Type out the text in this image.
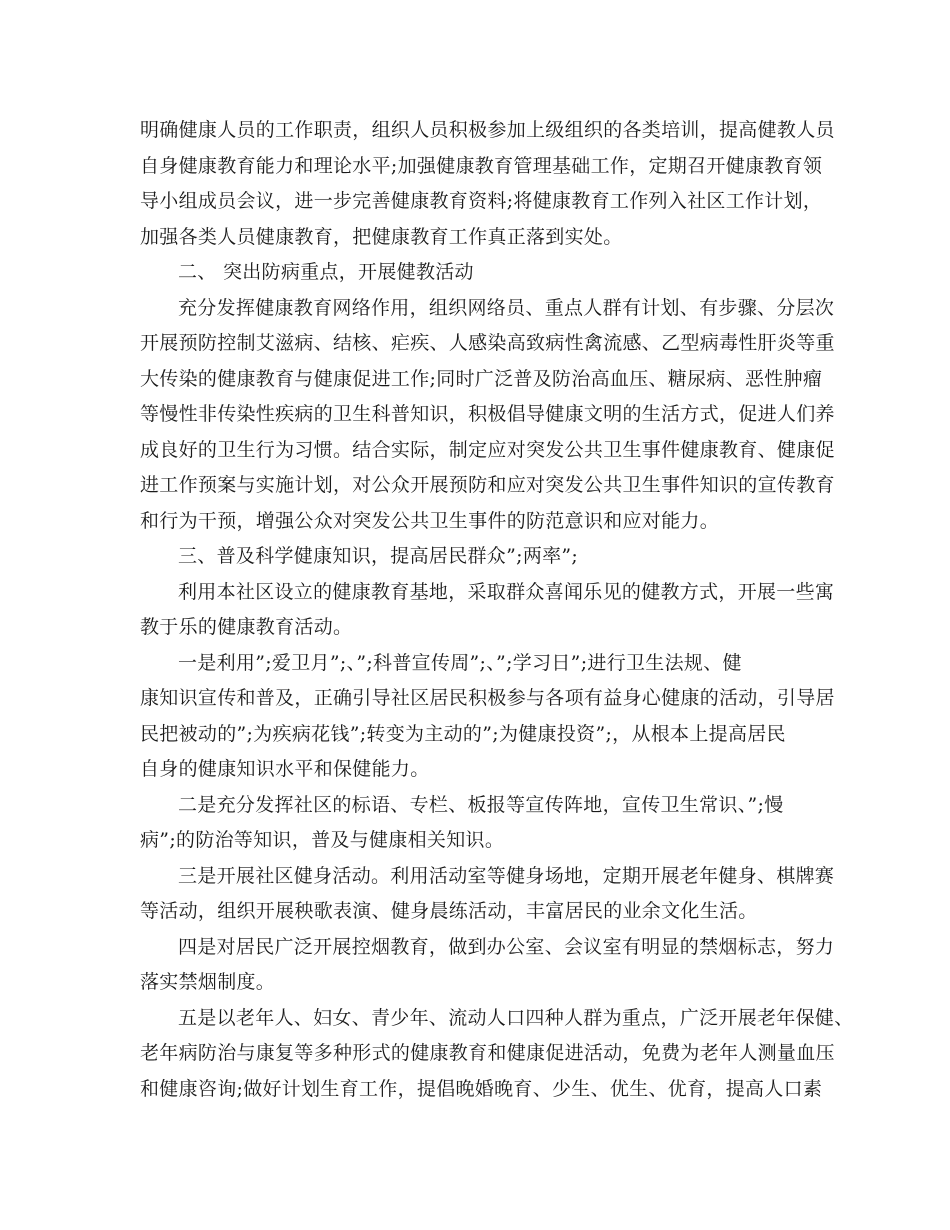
明确健康人员的工作职责，组织人员积极参加上级组织的各类培训，提高健教人员
自身健康教育能力和理论水平;加强健康教育管理基础工作，定期召开健康教育领
导小组成员会议，进一步完善健康教育资料;将健康教育工作列入社区工作计划，
加强各类人员健康教育，把健康教育工作真正落到实处。
二、 突出防病重点，开展健教活动
充分发挥健康教育网络作用，组织网络员、重点人群有计划、有步骤、分层次
开展预防控制艾滋病、结核、疟疾、人感染高致病性禽流感、乙型病毒性肝炎等重
大传染的健康教育与健康促进工作;同时广泛普及防治高血压、糖尿病、恶性肿瘤
等慢性非传染性疾病的卫生科普知识，积极倡导健康文明的生活方式，促进人们养
成良好的卫生行为习惯。结合实际，制定应对突发公共卫生事件健康教育、健康促
进工作预案与实施计划，对公众开展预防和应对突发公共卫生事件知识的宣传教育
和行为干预，增强公众对突发公共卫生事件的防范意识和应对能力。
三、普及科学健康知识，提高居民群众”;两率”;
利用本社区设立的健康教育基地，采取群众喜闻乐见的健教方式，开展一些寓
教于乐的健康教育活动。
一是利用”;爱卫月”;、”;科普宣传周”;、”;学习日”;进行卫生法规、健
康知识宣传和普及，正确引导社区居民积极参与各项有益身心健康的活动，引导居
民把被动的”;为疾病花钱”;转变为主动的”;为健康投资”;，从根本上提高居民
自身的健康知识水平和保健能力。
二是充分发挥社区的标语、专栏、板报等宣传阵地，宣传卫生常识、”;慢
病”;的防治等知识，普及与健康相关知识。
三是开展社区健身活动。利用活动室等健身场地，定期开展老年健身、棋牌赛
等活动，组织开展秧歌表演、健身晨练活动，丰富居民的业余文化生活。
四是对居民广泛开展控烟教育，做到办公室、会议室有明显的禁烟标志，努力
落实禁烟制度。
五是以老年人、妇女、青少年、流动人口四种人群为重点，广泛开展老年保健、
老年病防治与康复等多种形式的健康教育和健康促进活动，免费为老年人测量血压
和健康咨询;做好计划生育工作，提倡晚婚晚育、少生、优生、优育，提高人口素
